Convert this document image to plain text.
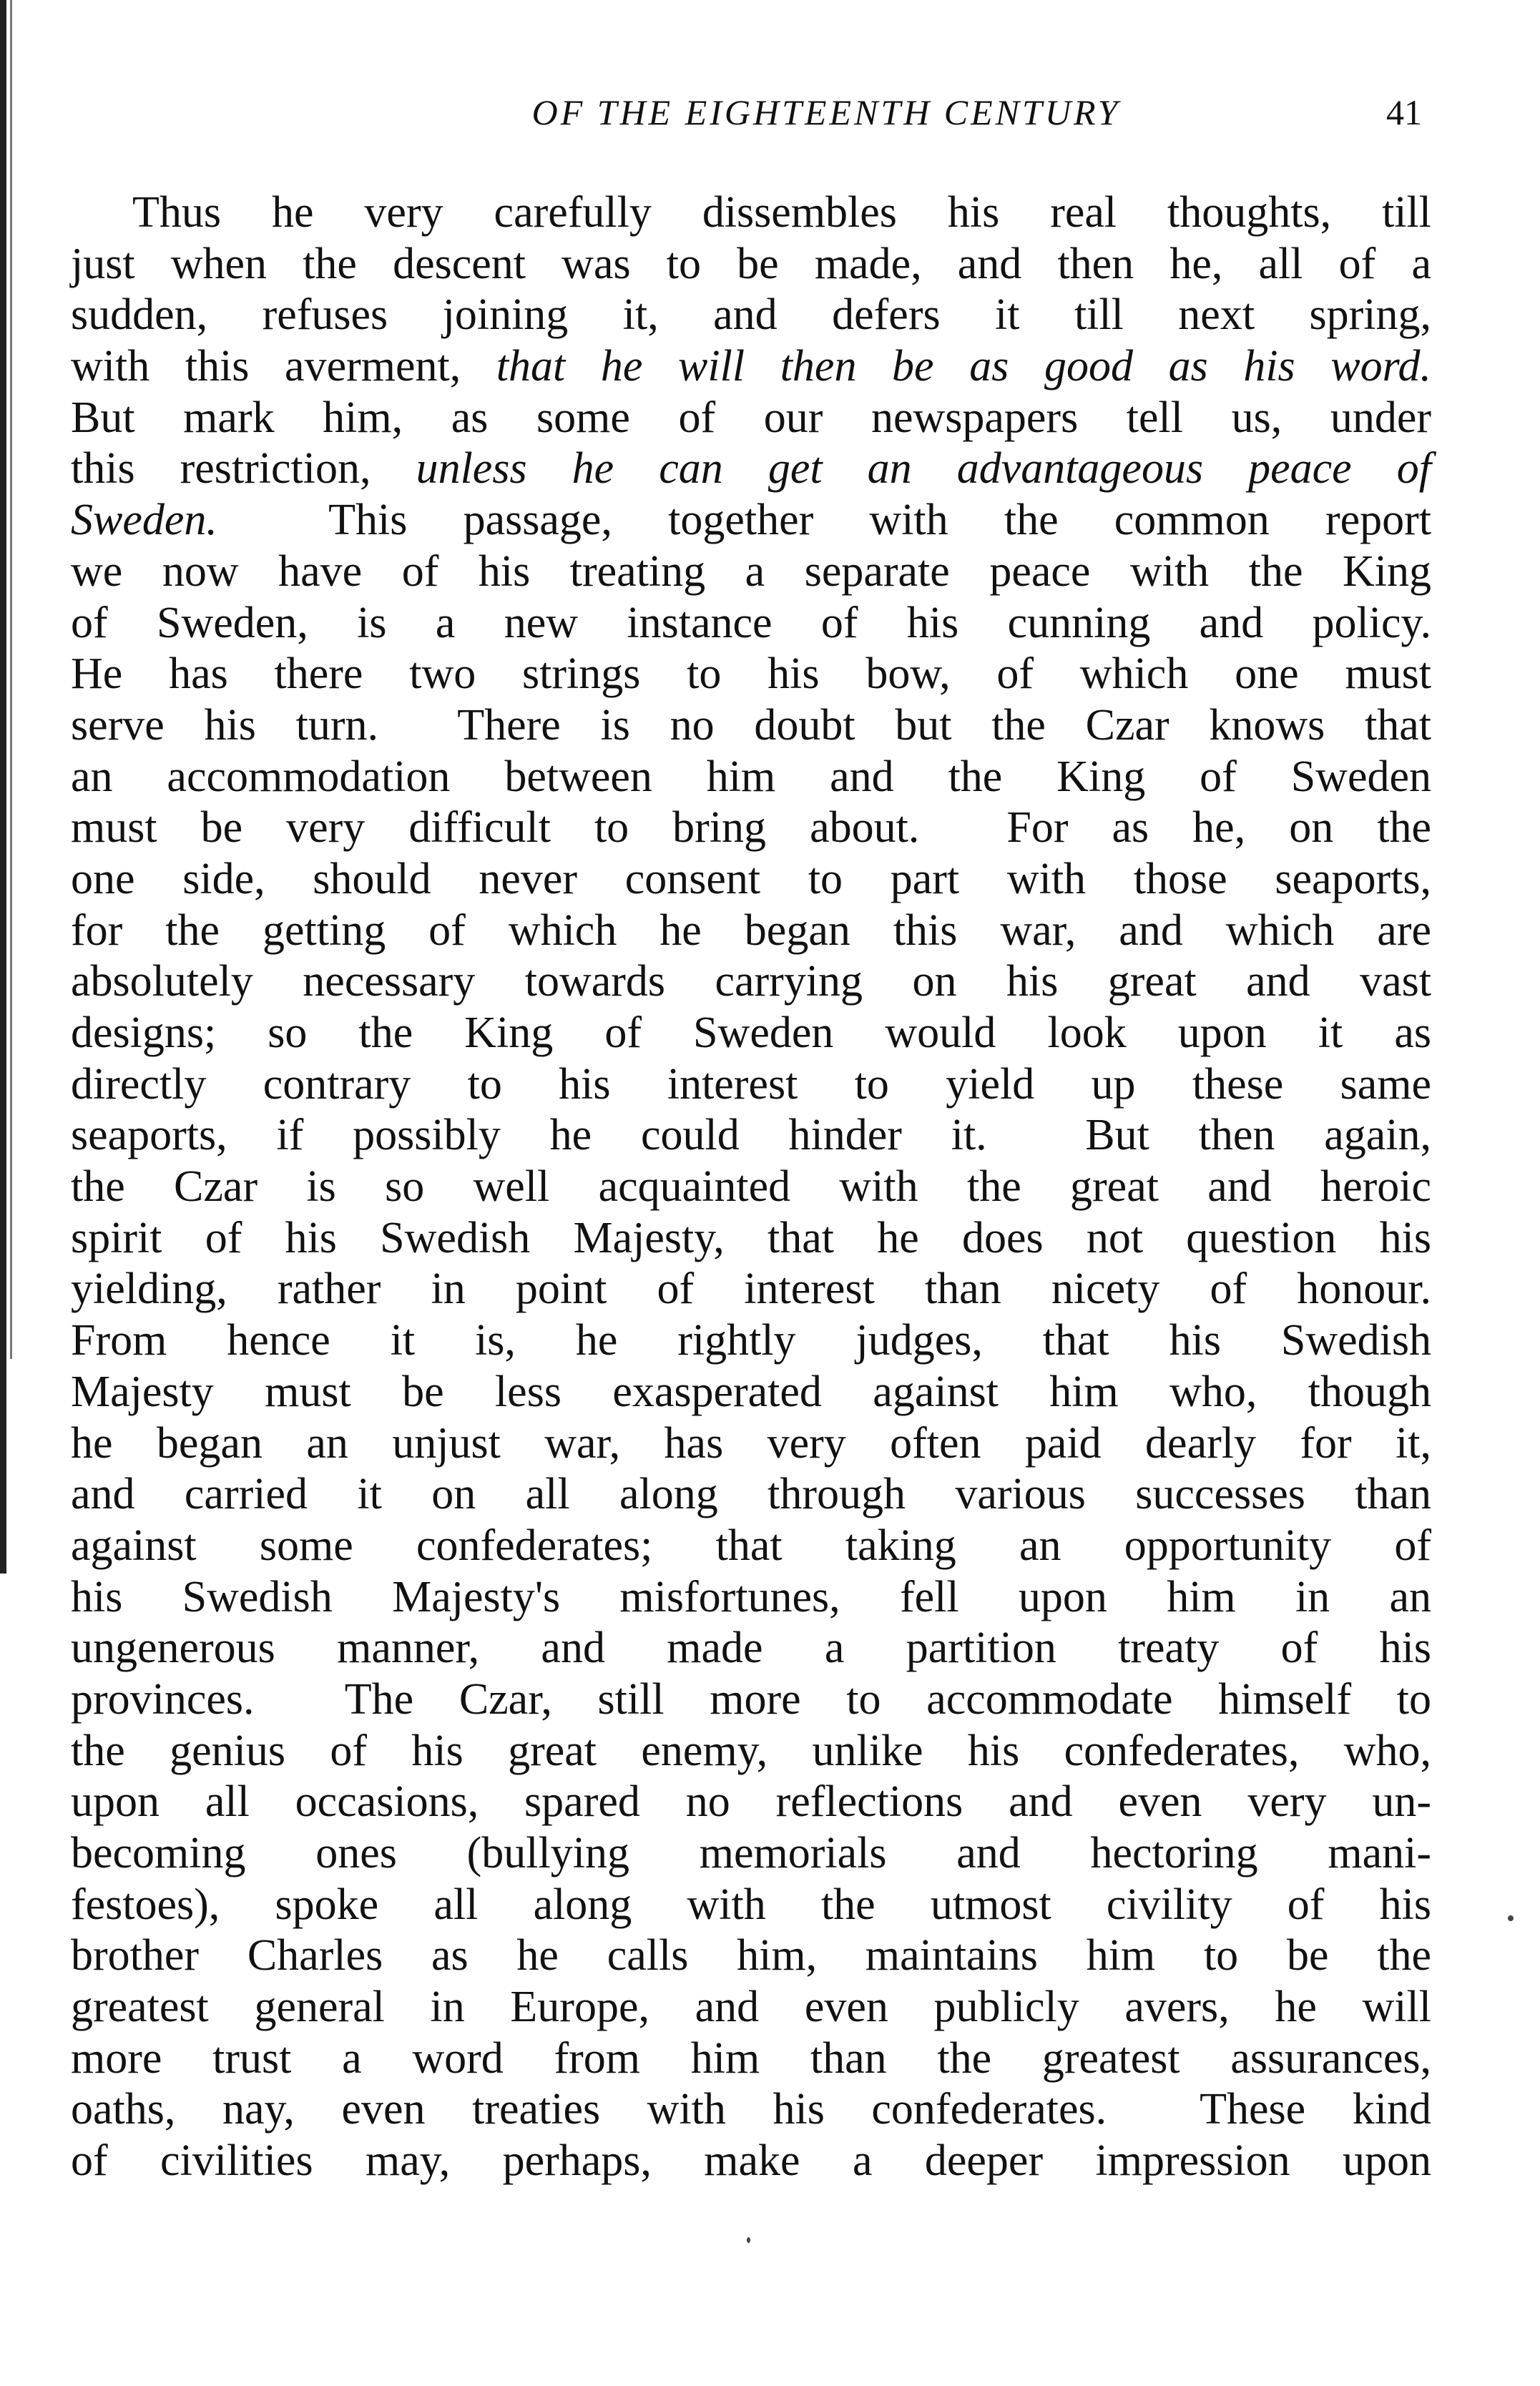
OF THE EIGHTEENTH CENTURY	41
Thus he very carefully dissembles his real thoughts, till
just when the descent was to be made, and then he, all of a
sudden, refuses joining it, and defers it till next spring,
with this averment, that he will then be as good as his word.
But mark him, as some of our newspapers tell us, under
this restriction, unless he can get an advantageous peace of
Sweden.  This passage, together with the common report
we now have of his treating a separate peace with the King
of Sweden, is a new instance of his cunning and policy.
He has there two strings to his bow, of which one must
serve his turn.  There is no doubt but the Czar knows that
an accommodation between him and the King of Sweden
must be very difficult to bring about.  For as he, on the
one side, should never consent to part with those seaports,
for the getting of which he began this war, and which are
absolutely necessary towards carrying on his great and vast
designs; so the King of Sweden would look upon it as
directly contrary to his interest to yield up these same
seaports, if possibly he could hinder it.  But then again,
the Czar is so well acquainted with the great and heroic
spirit of his Swedish Majesty, that he does not question his
yielding, rather in point of interest than nicety of honour.
From hence it is, he rightly judges, that his Swedish
Majesty must be less exasperated against him who, though
he began an unjust war, has very often paid dearly for it,
and carried it on all along through various successes than
against some confederates; that taking an opportunity of
his Swedish Majesty's misfortunes, fell upon him in an
ungenerous manner, and made a partition treaty of his
provinces.  The Czar, still more to accommodate himself to
the genius of his great enemy, unlike his confederates, who,
upon all occasions, spared no reflections and even very un-
becoming ones (bullying memorials and hectoring mani-
festoes), spoke all along with the utmost civility of his
brother Charles as he calls him, maintains him to be the
greatest general in Europe, and even publicly avers, he will
more trust a word from him than the greatest assurances,
oaths, nay, even treaties with his confederates.  These kind
of civilities may, perhaps, make a deeper impression upon
